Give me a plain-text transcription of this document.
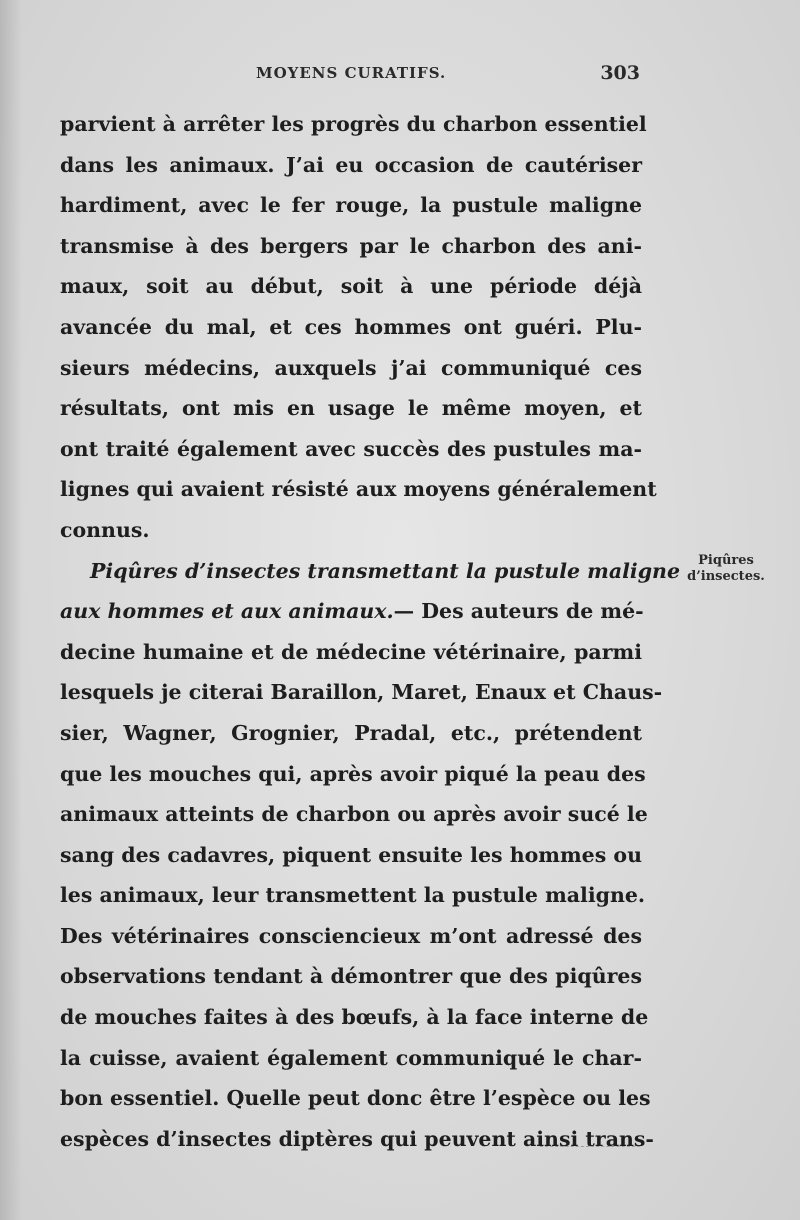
MOYENS CURATIFS.	303
parvient à arrêter les progrès du charbon essentiel
dans les animaux. J’ai eu occasion de cautériser
hardiment, avec le fer rouge, la pustule maligne
transmise à des bergers par le charbon des ani-
maux, soit au début, soit à une période déjà
avancée du mal, et ces hommes ont guéri. Plu-
sieurs médecins, auxquels j’ai communiqué ces
résultats, ont mis en usage le même moyen, et
ont traité également avec succès des pustules ma-
lignes qui avaient résisté aux moyens généralement
connus.
Piqûres d’insectes transmettant la pustule maligne
aux hommes et aux animaux.— Des auteurs de mé-
decine humaine et de médecine vétérinaire, parmi
lesquels je citerai Baraillon, Maret, Enaux et Chaus-
sier, Wagner, Grognier, Pradal, etc., prétendent
que les mouches qui, après avoir piqué la peau des
animaux atteints de charbon ou après avoir sucé le
sang des cadavres, piquent ensuite les hommes ou
les animaux, leur transmettent la pustule maligne.
Des vétérinaires consciencieux m’ont adressé des
observations tendant à démontrer que des piqûres
de mouches faites à des bœufs, à la face interne de
la cuisse, avaient également communiqué le char-
bon essentiel. Quelle peut donc être l’espèce ou les
espèces d’insectes diptères qui peuvent ainsi trans-
Piqûres
d’insectes.
